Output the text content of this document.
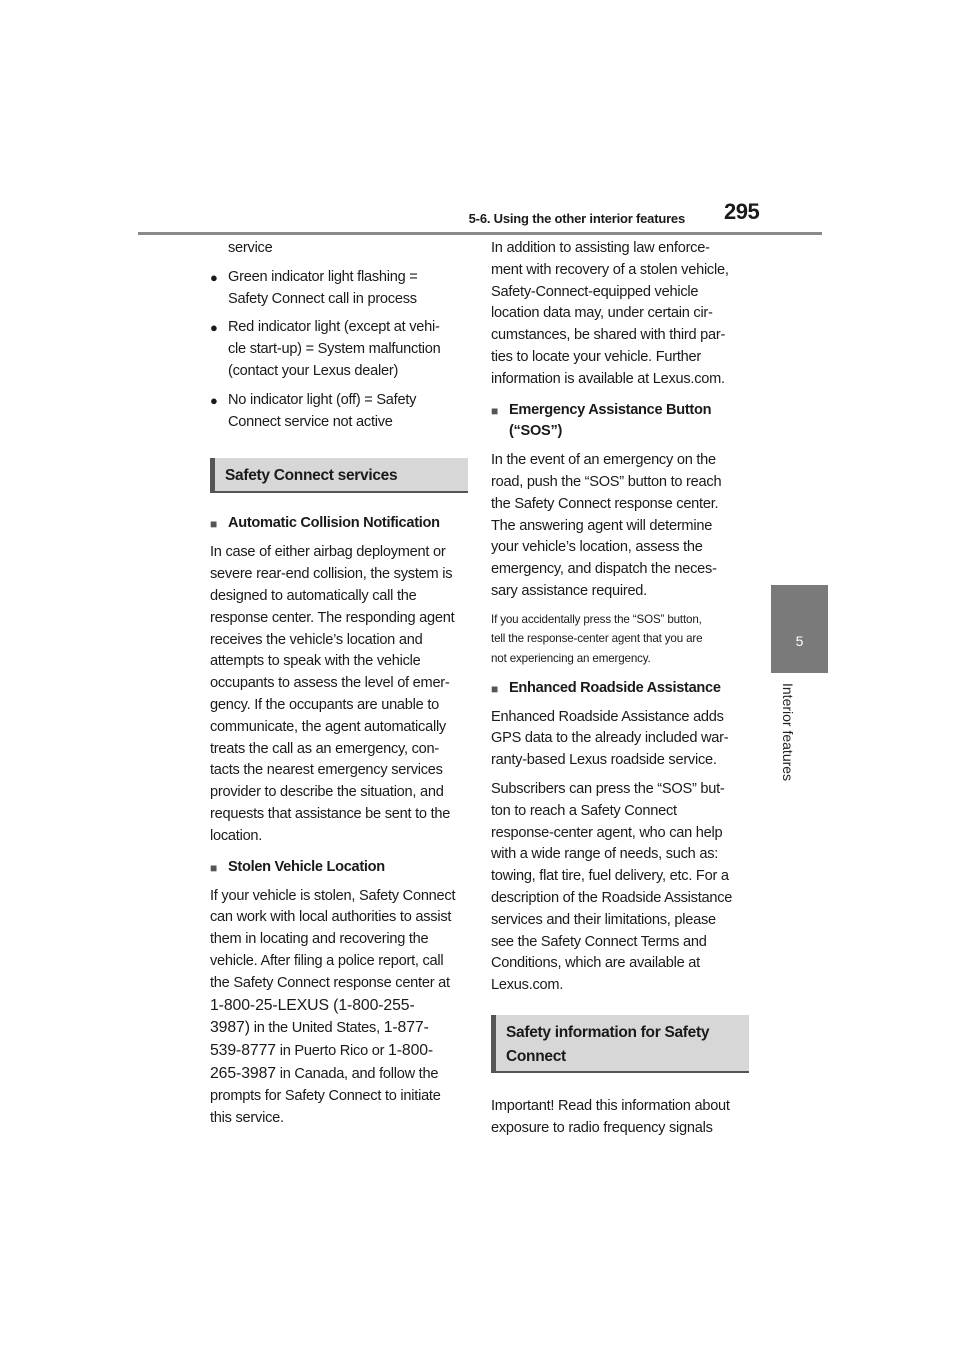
5-6. Using the other interior features 295
5
Interior features
Safety Connect services
Safety information for Safety
Connect

service

● Green indicator light flashing =
Safety Connect call in process
● Red indicator light (except at vehi-
cle start-up) = System malfunction
(contact your Lexus dealer)
● No indicator light (off) = Safety
Connect service not active
■ Automatic Collision Notification

In case of either airbag deployment or
severe rear-end collision, the system is
designed to automatically call the
response center. The responding agent
receives the vehicle’s location and
attempts to speak with the vehicle
occupants to assess the level of emer-
gency. If the occupants are unable to
communicate, the agent automatically
treats the call as an emergency, con-
tacts the nearest emergency services
provider to describe the situation, and
requests that assistance be sent to the
location.

■ Stolen Vehicle Location

If your vehicle is stolen, Safety Connect
can work with local authorities to assist
them in locating and recovering the
vehicle. After filing a police report, call
the Safety Connect response center at
1-800-25-LEXUS (1-800-255-
3987) in the United States, 1-877-
539-8777 in Puerto Rico or 1-800-
265-3987 in Canada, and follow the
prompts for Safety Connect to initiate
this service.

In addition to assisting law enforce-
ment with recovery of a stolen vehicle,
Safety-Connect-equipped vehicle
location data may, under certain cir-
cumstances, be shared with third par-
ties to locate your vehicle. Further
information is available at Lexus.com.

■ Emergency Assistance Button
(“SOS”)

In the event of an emergency on the
road, push the “SOS” button to reach
the Safety Connect response center.
The answering agent will determine
your vehicle’s location, assess the
emergency, and dispatch the neces-
sary assistance required.

If you accidentally press the “SOS” button,
tell the response-center agent that you are
not experiencing an emergency.

■ Enhanced Roadside Assistance

Enhanced Roadside Assistance adds
GPS data to the already included war-
ranty-based Lexus roadside service.

Subscribers can press the “SOS” but-
ton to reach a Safety Connect
response-center agent, who can help
with a wide range of needs, such as:
towing, flat tire, fuel delivery, etc. For a
description of the Roadside Assistance
services and their limitations, please
see the Safety Connect Terms and
Conditions, which are available at
Lexus.com.

Important! Read this information about
exposure to radio frequency signals
